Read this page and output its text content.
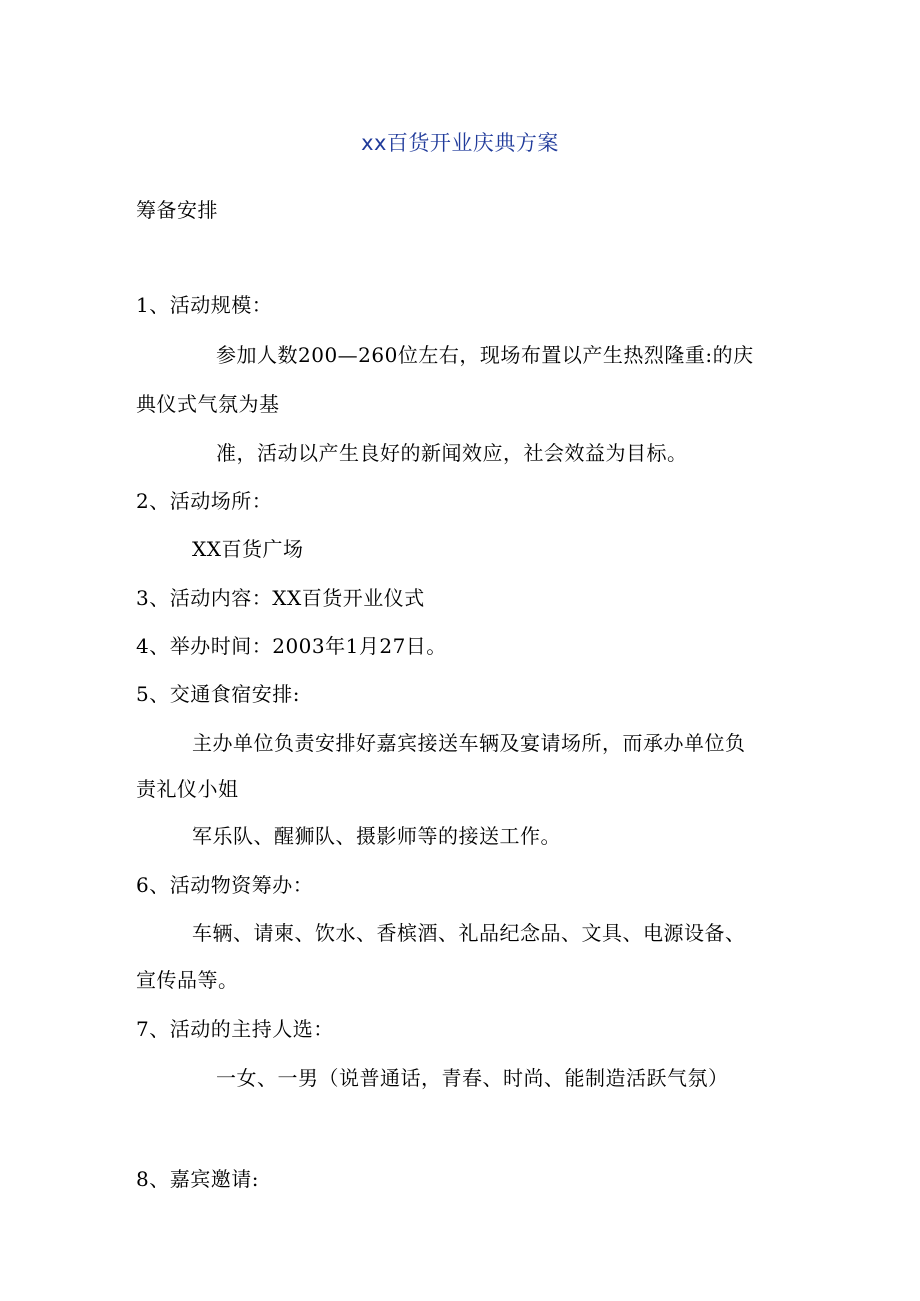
xx百货开业庆典方案
筹备安排
1、活动规模：
参加人数200—260位左右，现场布置以产生热烈隆重:的庆
典仪式气氛为基
准，活动以产生良好的新闻效应，社会效益为目标。
2、活动场所：
XX百货广场
3、活动内容：XX百货开业仪式
4、举办时间：2003年1月27日。
5、交通食宿安排:
主办单位负责安排好嘉宾接送车辆及宴请场所，而承办单位负
责礼仪小姐
军乐队、醒狮队、摄影师等的接送工作。
6、活动物资筹办：
车辆、请柬、饮水、香槟酒、礼品纪念品、文具、电源设备、
宣传品等。
7、活动的主持人选：
一女、一男（说普通话，青春、时尚、能制造活跃气氛）
8、嘉宾邀请:
